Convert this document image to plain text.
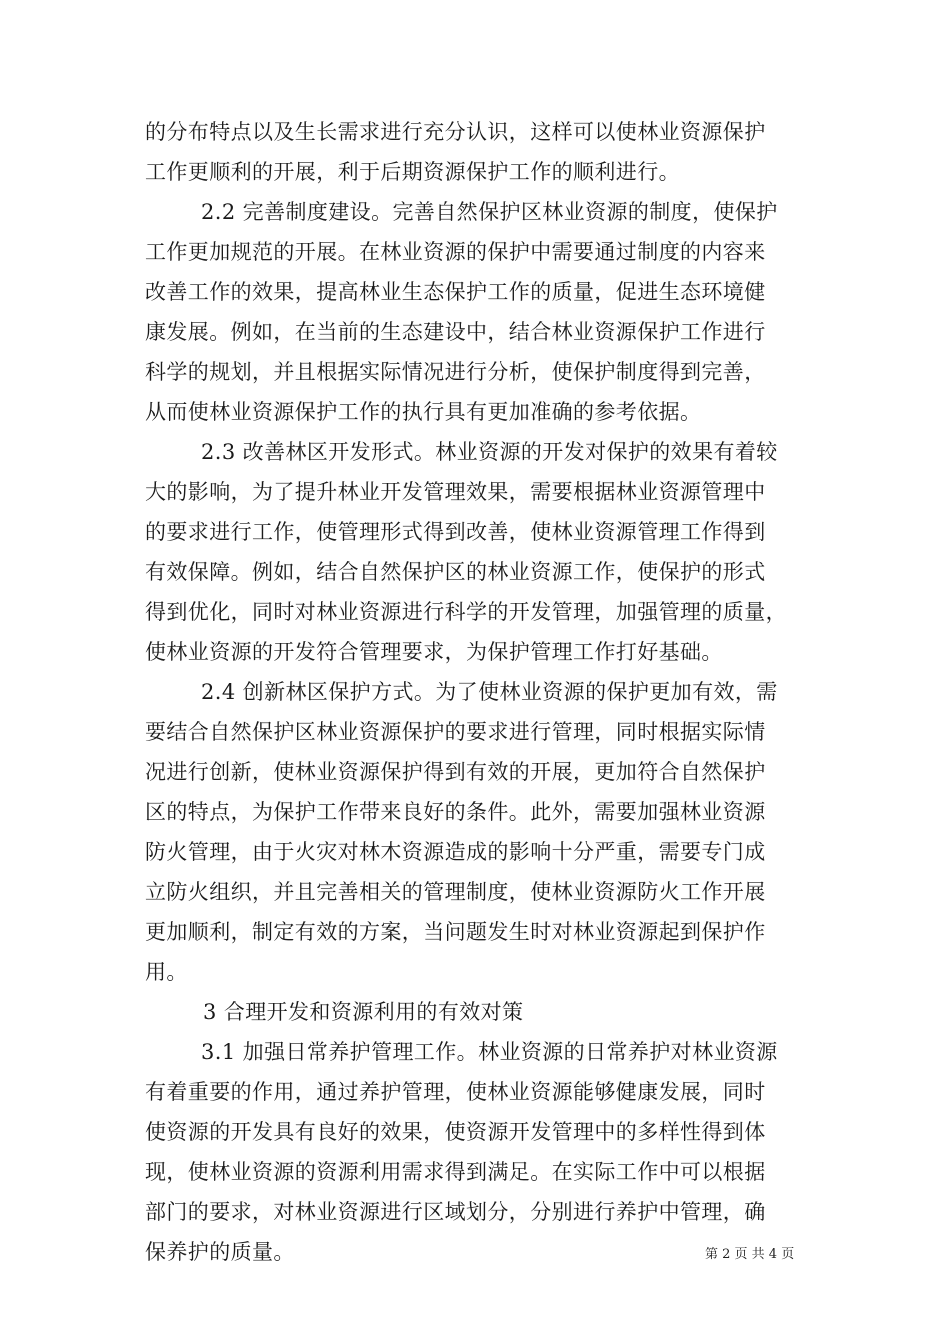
的分布特点以及生长需求进行充分认识，这样可以使林业资源保护
工作更顺利的开展，利于后期资源保护工作的顺利进行。
2.2 完善制度建设。完善自然保护区林业资源的制度，使保护
工作更加规范的开展。在林业资源的保护中需要通过制度的内容来
改善工作的效果，提高林业生态保护工作的质量，促进生态环境健
康发展。例如，在当前的生态建设中，结合林业资源保护工作进行
科学的规划，并且根据实际情况进行分析，使保护制度得到完善，
从而使林业资源保护工作的执行具有更加准确的参考依据。
2.3 改善林区开发形式。林业资源的开发对保护的效果有着较
大的影响，为了提升林业开发管理效果，需要根据林业资源管理中
的要求进行工作，使管理形式得到改善，使林业资源管理工作得到
有效保障。例如，结合自然保护区的林业资源工作，使保护的形式
得到优化，同时对林业资源进行科学的开发管理，加强管理的质量，
使林业资源的开发符合管理要求，为保护管理工作打好基础。
2.4 创新林区保护方式。为了使林业资源的保护更加有效，需
要结合自然保护区林业资源保护的要求进行管理，同时根据实际情
况进行创新，使林业资源保护得到有效的开展，更加符合自然保护
区的特点，为保护工作带来良好的条件。此外，需要加强林业资源
防火管理，由于火灾对林木资源造成的影响十分严重，需要专门成
立防火组织，并且完善相关的管理制度，使林业资源防火工作开展
更加顺利，制定有效的方案，当问题发生时对林业资源起到保护作
用。
3 合理开发和资源利用的有效对策
3.1 加强日常养护管理工作。林业资源的日常养护对林业资源
有着重要的作用，通过养护管理，使林业资源能够健康发展，同时
使资源的开发具有良好的效果，使资源开发管理中的多样性得到体
现，使林业资源的资源利用需求得到满足。在实际工作中可以根据
部门的要求，对林业资源进行区域划分，分别进行养护中管理，确
保养护的质量。	第 2 页 共 4 页
